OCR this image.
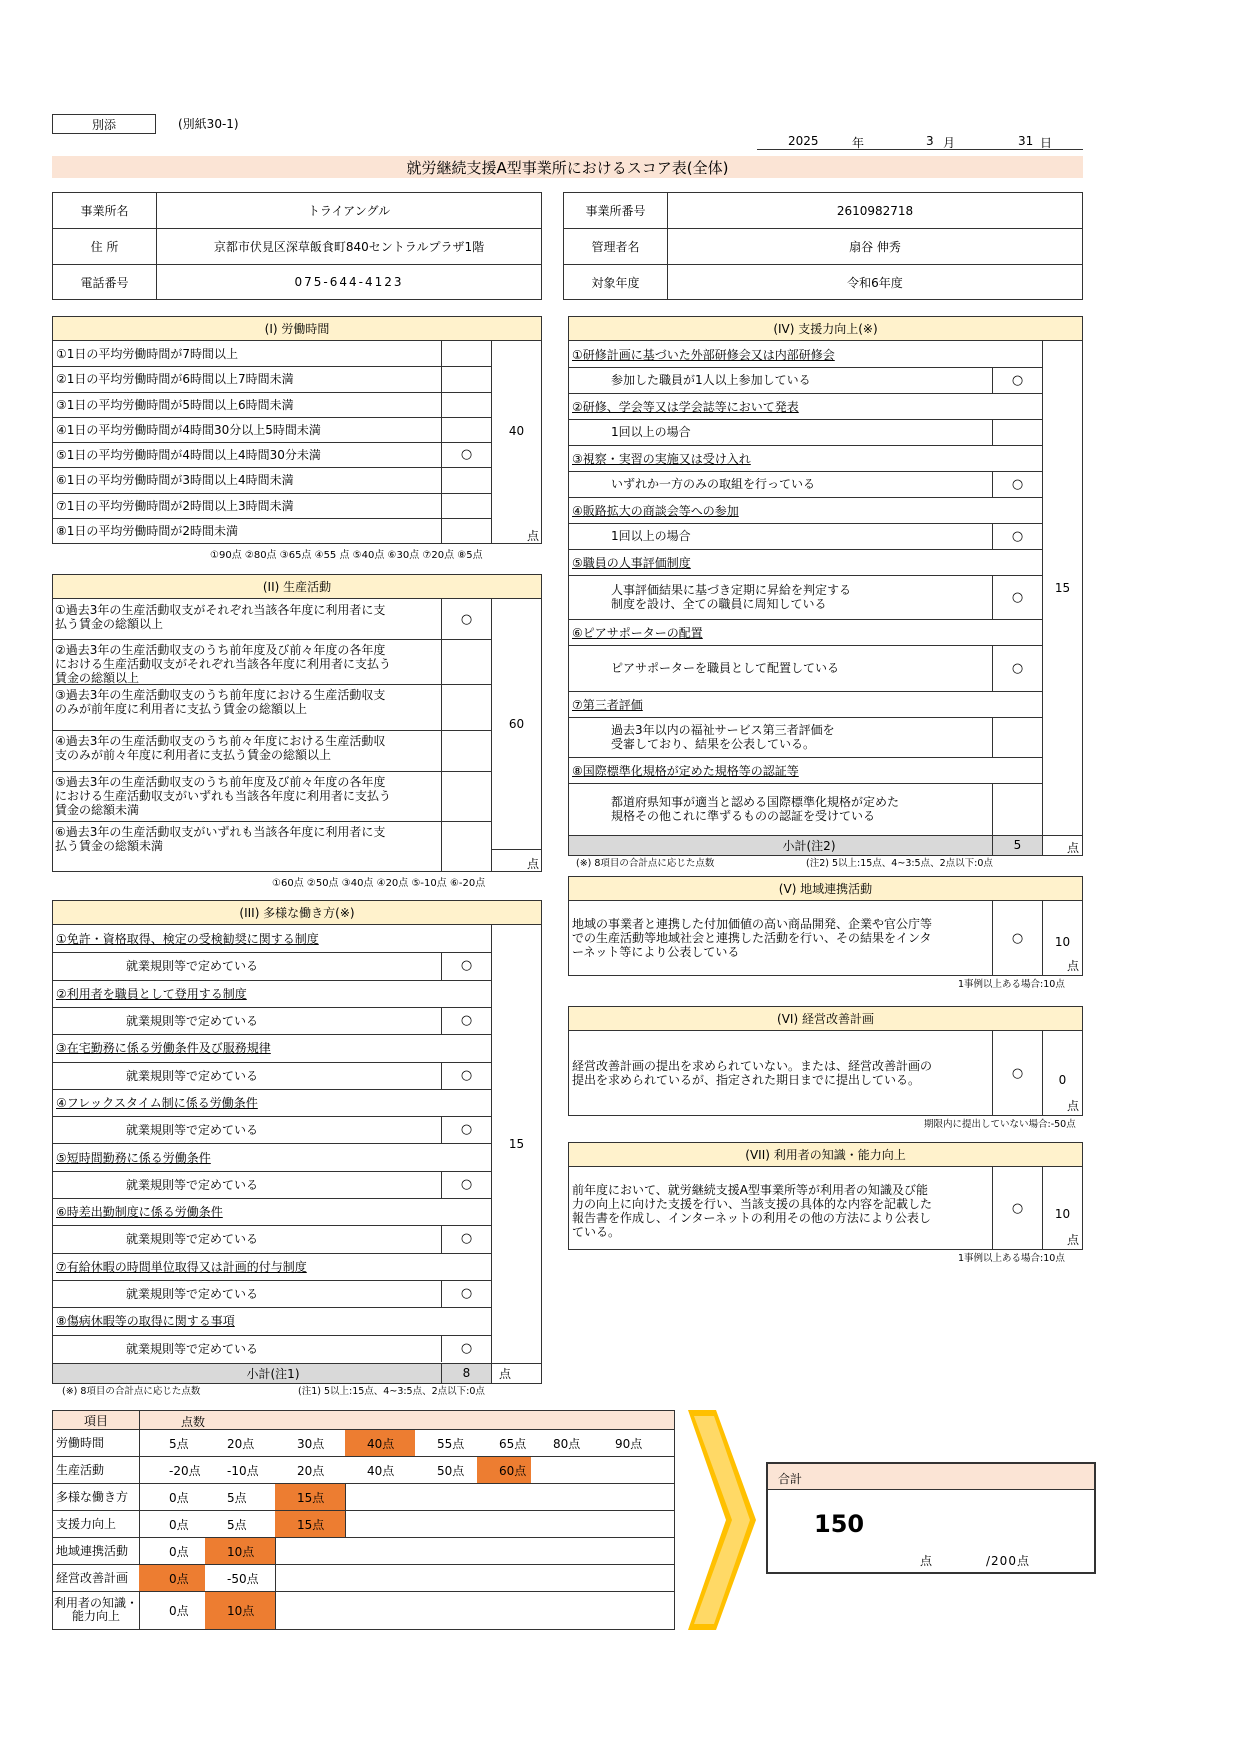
別添	(別紙30-1)
2025	年	3 月	31 日
就労継続支援A型事業所におけるスコア表(全体)
事業所名	トライアングル
住 所	京都市伏見区深草飯食町840セントラルプラザ1階
電話番号	075-644-4123
事業所番号	2610982718
管理者名	扇谷 伸秀
対象年度	令和6年度
(I) 労働時間
①1日の平均労働時間が7時間以上
②1日の平均労働時間が6時間以上7時間未満
③1日の平均労働時間が5時間以上6時間未満
④1日の平均労働時間が4時間30分以上5時間未満
⑤1日の平均労働時間が4時間以上4時間30分未満	○
⑥1日の平均労働時間が3時間以上4時間未満
⑦1日の平均労働時間が2時間以上3時間未満
⑧1日の平均労働時間が2時間未満
40
点
①90点 ②80点 ③65点 ④55 点 ⑤40点 ⑥30点 ⑦20点 ⑧5点
(II) 生産活動
①過去3年の生産活動収支がそれぞれ当該各年度に利用者に支
払う賃金の総額以上	○
②過去3年の生産活動収支のうち前年度及び前々年度の各年度
における生産活動収支がそれぞれ当該各年度に利用者に支払う
賃金の総額以上
③過去3年の生産活動収支のうち前年度における生産活動収支
のみが前年度に利用者に支払う賃金の総額以上
④過去3年の生産活動収支のうち前々年度における生産活動収
支のみが前々年度に利用者に支払う賃金の総額以上
⑤過去3年の生産活動収支のうち前年度及び前々年度の各年度
における生産活動収支がいずれも当該各年度に利用者に支払う
賃金の総額未満
⑥過去3年の生産活動収支がいずれも当該各年度に利用者に支
払う賃金の総額未満
60
点
①60点 ②50点 ③40点 ④20点 ⑤-10点 ⑥-20点
(III) 多様な働き方(※)
①免許・資格取得、検定の受検勧奨に関する制度
就業規則等で定めている	○
②利用者を職員として登用する制度
就業規則等で定めている	○
③在宅勤務に係る労働条件及び服務規律
就業規則等で定めている	○
④フレックスタイム制に係る労働条件
就業規則等で定めている	○
⑤短時間勤務に係る労働条件
就業規則等で定めている	○
⑥時差出勤制度に係る労働条件
就業規則等で定めている	○
⑦有給休暇の時間単位取得又は計画的付与制度
就業規則等で定めている	○
⑧傷病休暇等の取得に関する事項
就業規則等で定めている	○
小計(注1)	8
15
点
(※) 8項目の合計点に応じた点数	(注1) 5以上:15点、4~3:5点、2点以下:0点
(IV) 支援力向上(※)
①研修計画に基づいた外部研修会又は内部研修会
参加した職員が1人以上参加している	○
②研修、学会等又は学会誌等において発表
1回以上の場合
③視察・実習の実施又は受け入れ
いずれか一方のみの取組を行っている	○
④販路拡大の商談会等への参加
1回以上の場合	○
⑤職員の人事評価制度
人事評価結果に基づき定期に昇給を判定する
制度を設け、全ての職員に周知している	○
⑥ピアサポーターの配置
ピアサポーターを職員として配置している	○
⑦第三者評価
過去3年以内の福祉サービス第三者評価を
受審しており、結果を公表している。
⑧国際標準化規格が定めた規格等の認証等
都道府県知事が適当と認める国際標準化規格が定めた
規格その他これに準ずるものの認証を受けている
小計(注2)	5
15
点
(※) 8項目の合計点に応じた点数	(注2) 5以上:15点、4~3:5点、2点以下:0点
(V) 地域連携活動
地域の事業者と連携した付加価値の高い商品開発、企業や官公庁等
での生産活動等地域社会と連携した活動を行い、その結果をインタ
ーネット等により公表している
○	10
点
1事例以上ある場合:10点
(VI) 経営改善計画
経営改善計画の提出を求められていない。または、経営改善計画の
提出を求められているが、指定された期日までに提出している。	○	0
点
期限内に提出していない場合:-50点
(VII) 利用者の知識・能力向上
前年度において、就労継続支援A型事業所等が利用者の知識及び能
力の向上に向けた支援を行い、当該支援の具体的な内容を記載した
報告書を作成し、インターネットの利用その他の方法により公表し
ている。
○	10
点
1事例以上ある場合:10点
項目	点数
労働時間	5点	20点	30点	40点	55点	65点	80点	90点
生産活動	-20点	-10点	20点	40点	50点	60点
多様な働き方	0点	5点	15点
支援力向上	0点	5点	15点
地域連携活動	0点	10点
経営改善計画	0点	-50点
利用者の知識・
能力向上	0点	10点
合計
150
点	/200点
